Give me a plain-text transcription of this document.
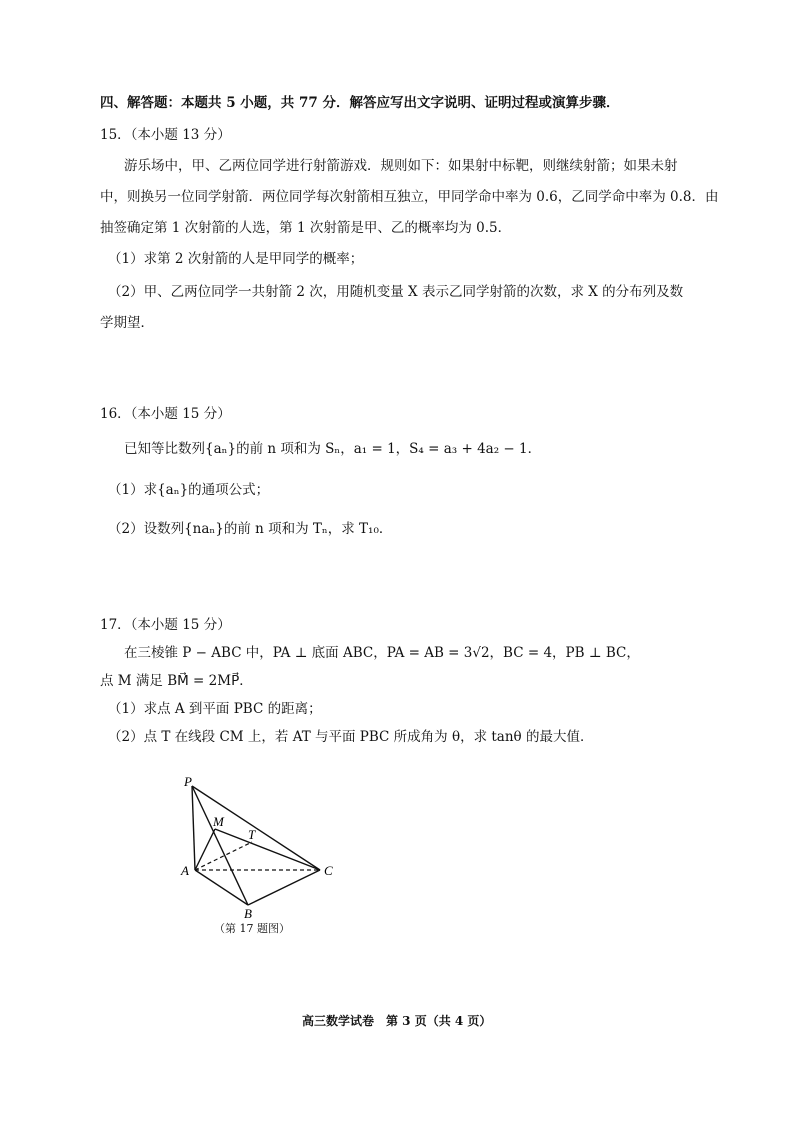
四、解答题：本题共 5 小题，共 77 分．解答应写出文字说明、证明过程或演算步骤．
15．（本小题 13 分）
游乐场中，甲、乙两位同学进行射箭游戏．规则如下：如果射中标靶，则继续射箭；如果未射
中，则换另一位同学射箭．两位同学每次射箭相互独立，甲同学命中率为 0.6，乙同学命中率为 0.8．由
抽签确定第 1 次射箭的人选，第 1 次射箭是甲、乙的概率均为 0.5．
（1）求第 2 次射箭的人是甲同学的概率；
（2）甲、乙两位同学一共射箭 2 次，用随机变量 X 表示乙同学射箭的次数，求 X 的分布列及数
学期望．
16．（本小题 15 分）
已知等比数列{aₙ}的前 n 项和为 Sₙ，a₁ = 1，S₄ = a₃ + 4a₂ − 1．
（1）求{aₙ}的通项公式；
（2）设数列{naₙ}的前 n 项和为 Tₙ，求 T₁₀．
17．（本小题 15 分）
在三棱锥 P − ABC 中，PA ⊥ 底面 ABC，PA = AB = 3√2，BC = 4，PB ⊥ BC，
点 M 满足 BM⃗ = 2MP⃗．
（1）求点 A 到平面 PBC 的距离；
（2）点 T 在线段 CM 上，若 AT 与平面 PBC 所成角为 θ，求 tanθ 的最大值．
P
M
T
A
B
C
（第 17 题图）
高三数学试卷　第 3 页（共 4 页）
